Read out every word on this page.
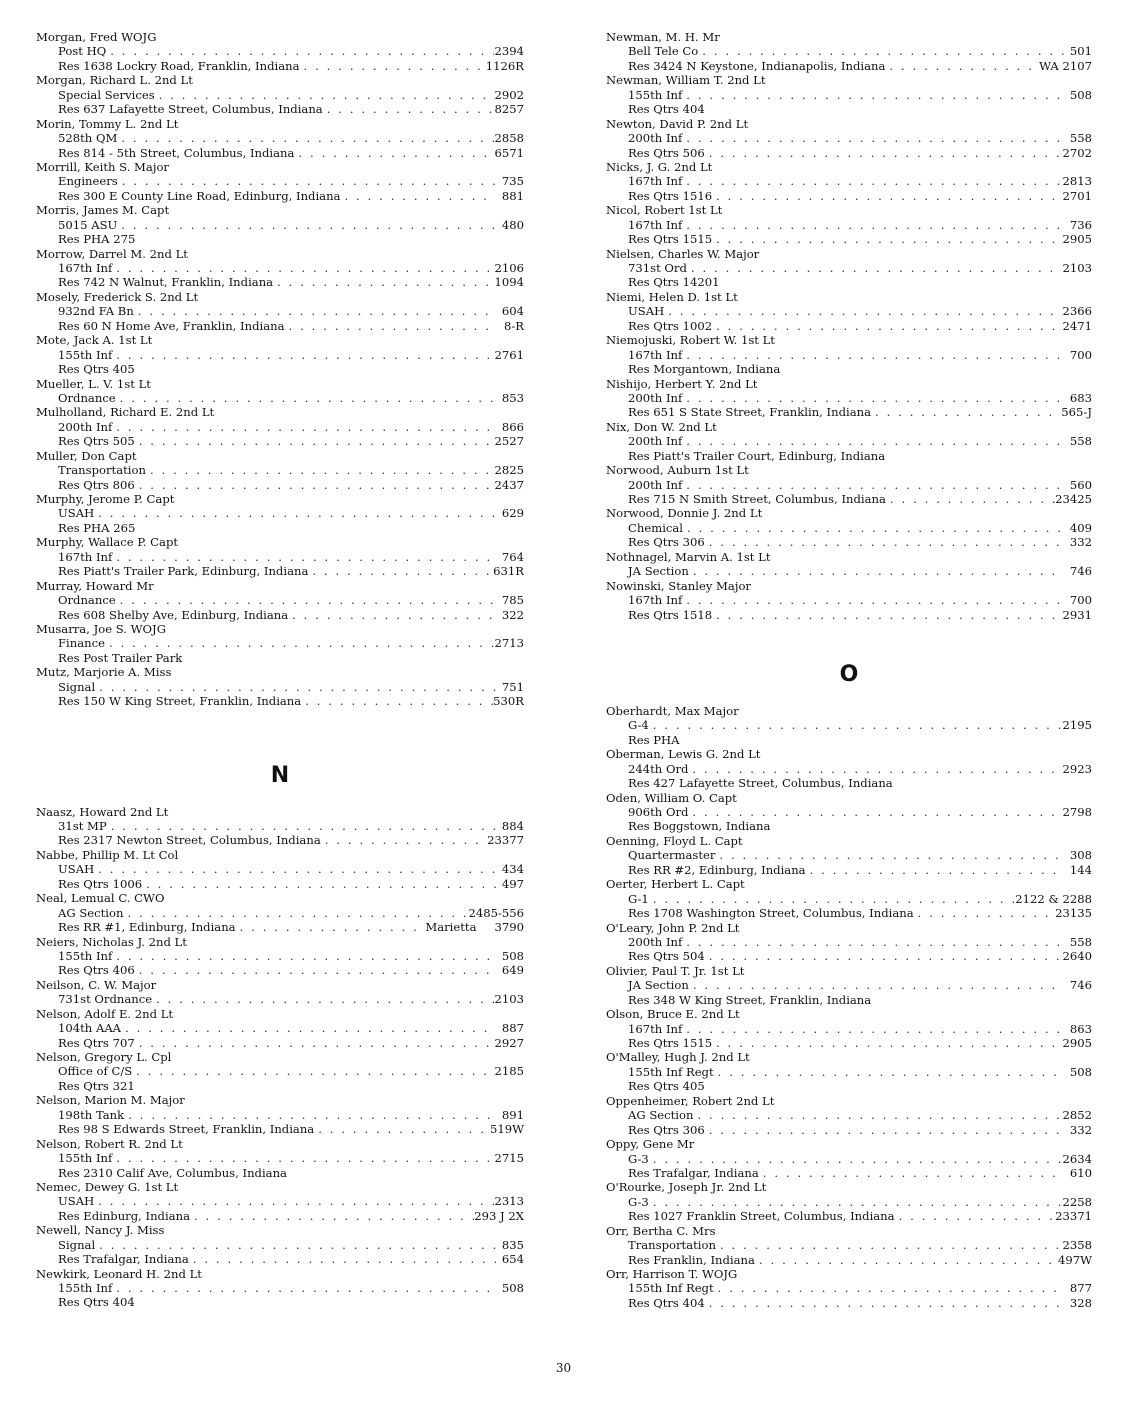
Morgan, Fred WOJG
Post HQ . . .	2394
Res 1638 Lockry Road, Franklin, Indiana . . .	1126R
Morgan, Richard L. 2nd Lt
Special Services . . .	2902
Res 637 Lafayette Street, Columbus, Indiana . . .	8257
Morin, Tommy L. 2nd Lt
528th QM . . .	2858
Res 814 - 5th Street, Columbus, Indiana . . .	6571
Morrill, Keith S. Major
Engineers . . .	735
Res 300 E County Line Road, Edinburg, Indiana . . .	881
Morris, James M. Capt
5015 ASU . . .	480
Res PHA 275
Morrow, Darrel M. 2nd Lt
167th Inf . . .	2106
Res 742 N Walnut, Franklin, Indiana . . .	1094
Mosely, Frederick S. 2nd Lt
932nd FA Bn . . .	604
Res 60 N Home Ave, Franklin, Indiana . . .	8-R
Mote, Jack A. 1st Lt
155th Inf . . .	2761
Res Qtrs 405
Mueller, L. V. 1st Lt
Ordnance . . .	853
Mulholland, Richard E. 2nd Lt
200th Inf . . .	866
Res Qtrs 505 . . .	2527
Muller, Don Capt
Transportation . . .	2825
Res Qtrs 806 . . .	2437
Murphy, Jerome P. Capt
USAH . . .	629
Res PHA 265
Murphy, Wallace P. Capt
167th Inf . . .	764
Res Piatt's Trailer Park, Edinburg, Indiana . . .	631R
Murray, Howard Mr
Ordnance . . .	785
Res 608 Shelby Ave, Edinburg, Indiana . . .	322
Musarra, Joe S. WOJG
Finance . . .	2713
Res Post Trailer Park
Mutz, Marjorie A. Miss
Signal . . .	751
Res 150 W King Street, Franklin, Indiana . . .	530R
N
Naasz, Howard 2nd Lt
31st MP . . .	884
Res 2317 Newton Street, Columbus, Indiana . . .	23377
Nabbe, Phillip M. Lt Col
USAH . . .	434
Res Qtrs 1006 . . .	497
Neal, Lemual C. CWO
AG Section . . .	2485-556
Res RR #1, Edinburg, Indiana . . .	Marietta	3790
Neiers, Nicholas J. 2nd Lt
155th Inf . . .	508
Res Qtrs 406 . . .	649
Neilson, C. W. Major
731st Ordnance . . .	2103
Nelson, Adolf E. 2nd Lt
104th AAA . . .	887
Res Qtrs 707 . . .	2927
Nelson, Gregory L. Cpl
Office of C/S . . .	2185
Res Qtrs 321
Nelson, Marion M. Major
198th Tank . . .	891
Res 98 S Edwards Street, Franklin, Indiana . . .	519W
Nelson, Robert R. 2nd Lt
155th Inf . . .	2715
Res 2310 Calif Ave, Columbus, Indiana
Nemec, Dewey G. 1st Lt
USAH . . .	2313
Res Edinburg, Indiana . . .	293 J 2X
Newell, Nancy J. Miss
Signal . . .	835
Res Trafalgar, Indiana . . .	654
Newkirk, Leonard H. 2nd Lt
155th Inf . . .	508
Res Qtrs 404
Newman, M. H. Mr
Bell Tele Co . . .	501
Res 3424 N Keystone, Indianapolis, Indiana . . .	WA 2107
Newman, William T. 2nd Lt
155th Inf . . .	508
Res Qtrs 404
Newton, David P. 2nd Lt
200th Inf . . .	558
Res Qtrs 506 . . .	2702
Nicks, J. G. 2nd Lt
167th Inf . . .	2813
Res Qtrs 1516 . . .	2701
Nicol, Robert 1st Lt
167th Inf . . .	736
Res Qtrs 1515 . . .	2905
Nielsen, Charles W. Major
731st Ord . . .	2103
Res Qtrs 14201
Niemi, Helen D. 1st Lt
USAH . . .	2366
Res Qtrs 1002 . . .	2471
Niemojuski, Robert W. 1st Lt
167th Inf . . .	700
Res Morgantown, Indiana
Nishijo, Herbert Y. 2nd Lt
200th Inf . . .	683
Res 651 S State Street, Franklin, Indiana . . .	565-J
Nix, Don W. 2nd Lt
200th Inf . . .	558
Res Piatt's Trailer Court, Edinburg, Indiana
Norwood, Auburn 1st Lt
200th Inf . . .	560
Res 715 N Smith Street, Columbus, Indiana . . .	23425
Norwood, Donnie J. 2nd Lt
Chemical . . .	409
Res Qtrs 306 . . .	332
Nothnagel, Marvin A. 1st Lt
JA Section . . .	746
Nowinski, Stanley Major
167th Inf . . .	700
Res Qtrs 1518 . . .	2931
O
Oberhardt, Max Major
G-4 . . .	2195
Res PHA
Oberman, Lewis G. 2nd Lt
244th Ord . . .	2923
Res 427 Lafayette Street, Columbus, Indiana
Oden, William O. Capt
906th Ord . . .	2798
Res Boggstown, Indiana
Oenning, Floyd L. Capt
Quartermaster . . .	308
Res RR #2, Edinburg, Indiana . . .	144
Oerter, Herbert L. Capt
G-1 . . .	2122 & 2288
Res 1708 Washington Street, Columbus, Indiana . . .	23135
O'Leary, John P. 2nd Lt
200th Inf . . .	558
Res Qtrs 504 . . .	2640
Olivier, Paul T. Jr. 1st Lt
JA Section . . .	746
Res 348 W King Street, Franklin, Indiana
Olson, Bruce E. 2nd Lt
167th Inf . . .	863
Res Qtrs 1515 . . .	2905
O'Malley, Hugh J. 2nd Lt
155th Inf Regt . . .	508
Res Qtrs 405
Oppenheimer, Robert 2nd Lt
AG Section . . .	2852
Res Qtrs 306 . . .	332
Oppy, Gene Mr
G-3 . . .	2634
Res Trafalgar, Indiana . . .	610
O'Rourke, Joseph Jr. 2nd Lt
G-3 . . .	2258
Res 1027 Franklin Street, Columbus, Indiana . . .	23371
Orr, Bertha C. Mrs
Transportation . . .	2358
Res Franklin, Indiana . . .	497W
Orr, Harrison T. WOJG
155th Inf Regt . . .	877
Res Qtrs 404 . . .	328
30
